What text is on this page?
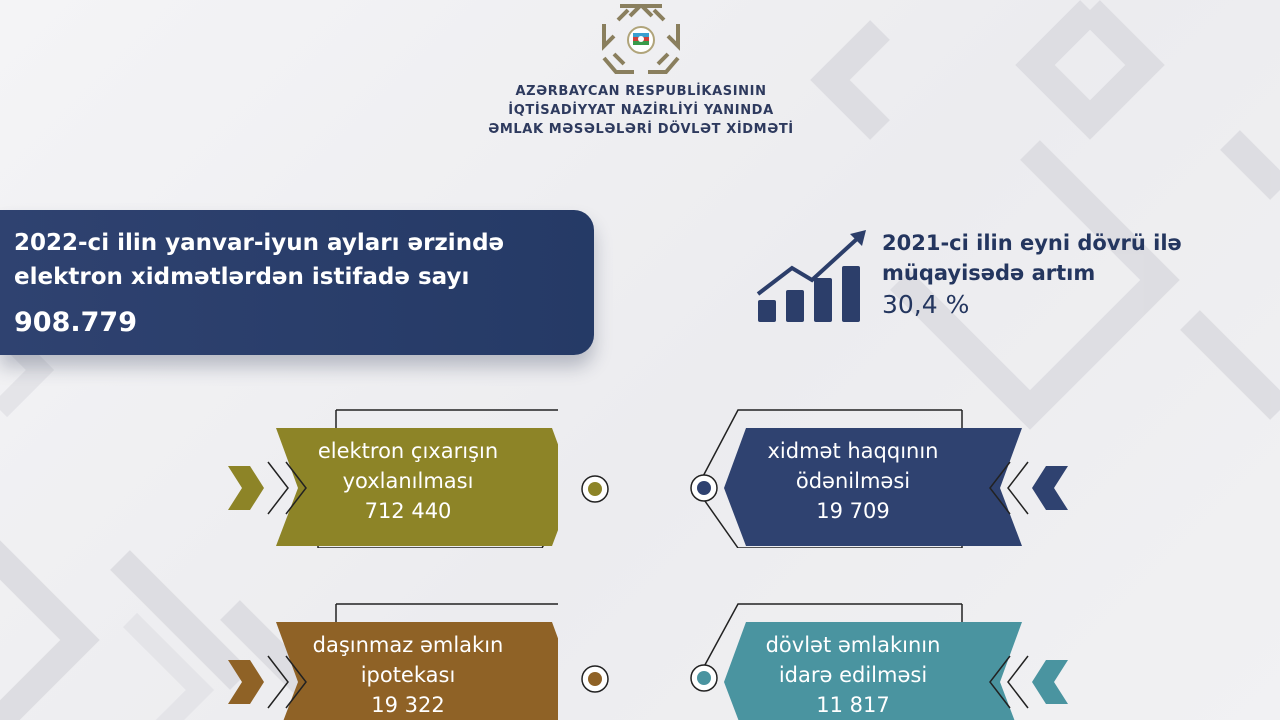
AZƏRBAYCAN RESPUBLİKASININ
İQTİSADİYYAT NAZİRLİYİ YANINDA
ƏMLAK MƏSƏLƏLƏRİ DÖVLƏT XİDMƏTİ
2022-ci ilin yanvar-iyun ayları ərzində
elektron xidmətlərdən istifadə sayı
908.779
2021-ci ilin eyni dövrü ilə
müqayisədə artım
30,4 %
elektron çıxarışın
yoxlanılması
712 440
xidmət haqqının
ödənilməsi
19 709
daşınmaz əmlakın
ipotekası
19 322
dövlət əmlakının
idarə edilməsi
11 817
